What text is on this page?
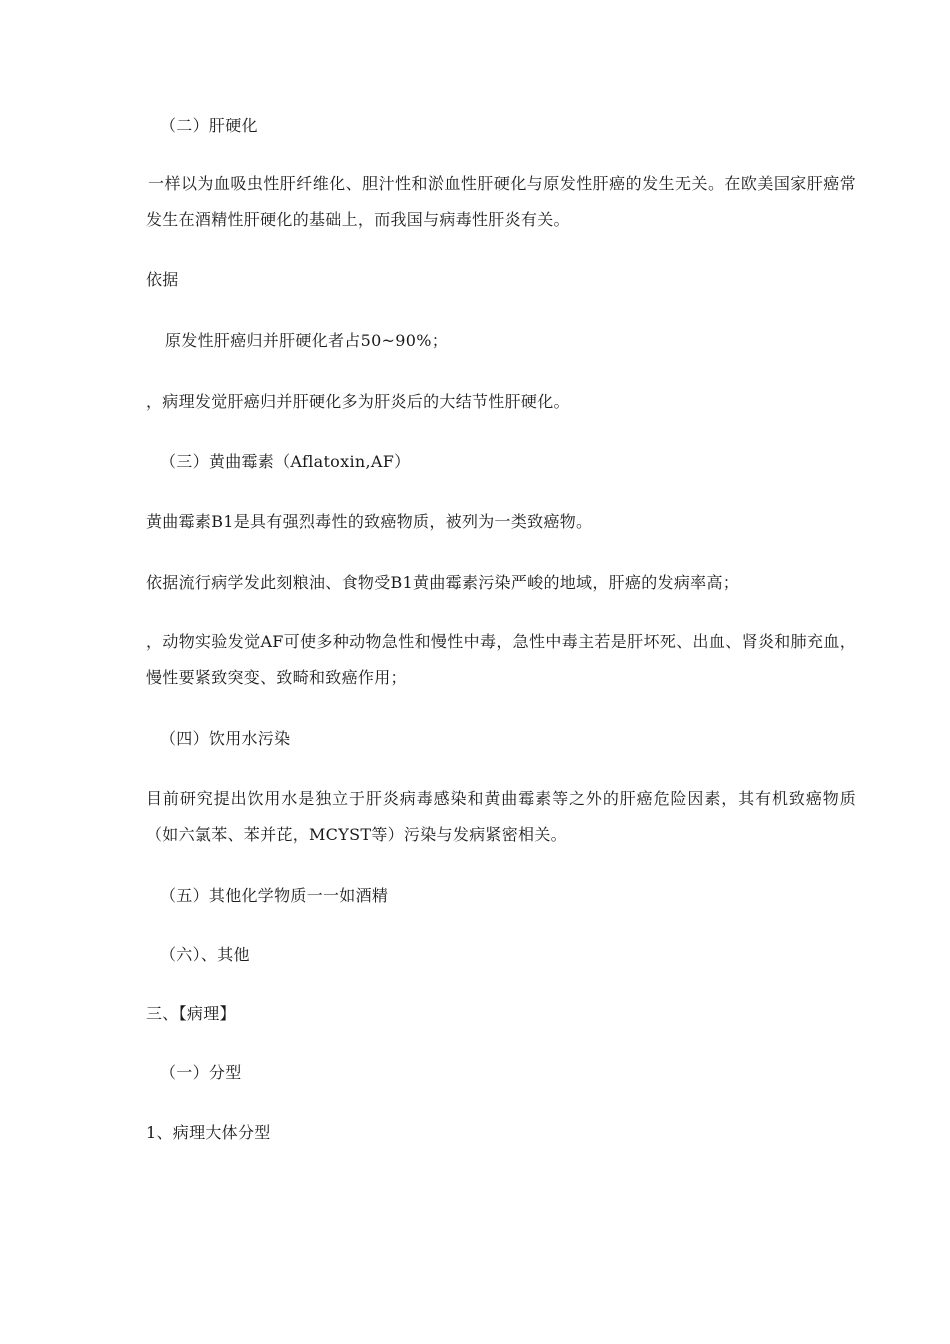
（二）肝硬化
一样以为血吸虫性肝纤维化、胆汁性和淤血性肝硬化与原发性肝癌的发生无关。在欧美国家肝癌常发生在酒精性肝硬化的基础上，而我国与病毒性肝炎有关。
依据
原发性肝癌归并肝硬化者占50~90%；
，病理发觉肝癌归并肝硬化多为肝炎后的大结节性肝硬化。
（三）黄曲霉素（Aflatoxin,AF）
黄曲霉素B1是具有强烈毒性的致癌物质，被列为一类致癌物。
依据流行病学发此刻粮油、食物受B1黄曲霉素污染严峻的地域，肝癌的发病率高；
，动物实验发觉AF可使多种动物急性和慢性中毒，急性中毒主若是肝坏死、出血、肾炎和肺充血，慢性要紧致突变、致畸和致癌作用；
（四）饮用水污染
目前研究提出饮用水是独立于肝炎病毒感染和黄曲霉素等之外的肝癌危险因素，其有机致癌物质（如六氯苯、苯并芘，MCYST等）污染与发病紧密相关。
（五）其他化学物质一一如酒精
（六）、其他
三、【病理】
（一）分型
1、病理大体分型
